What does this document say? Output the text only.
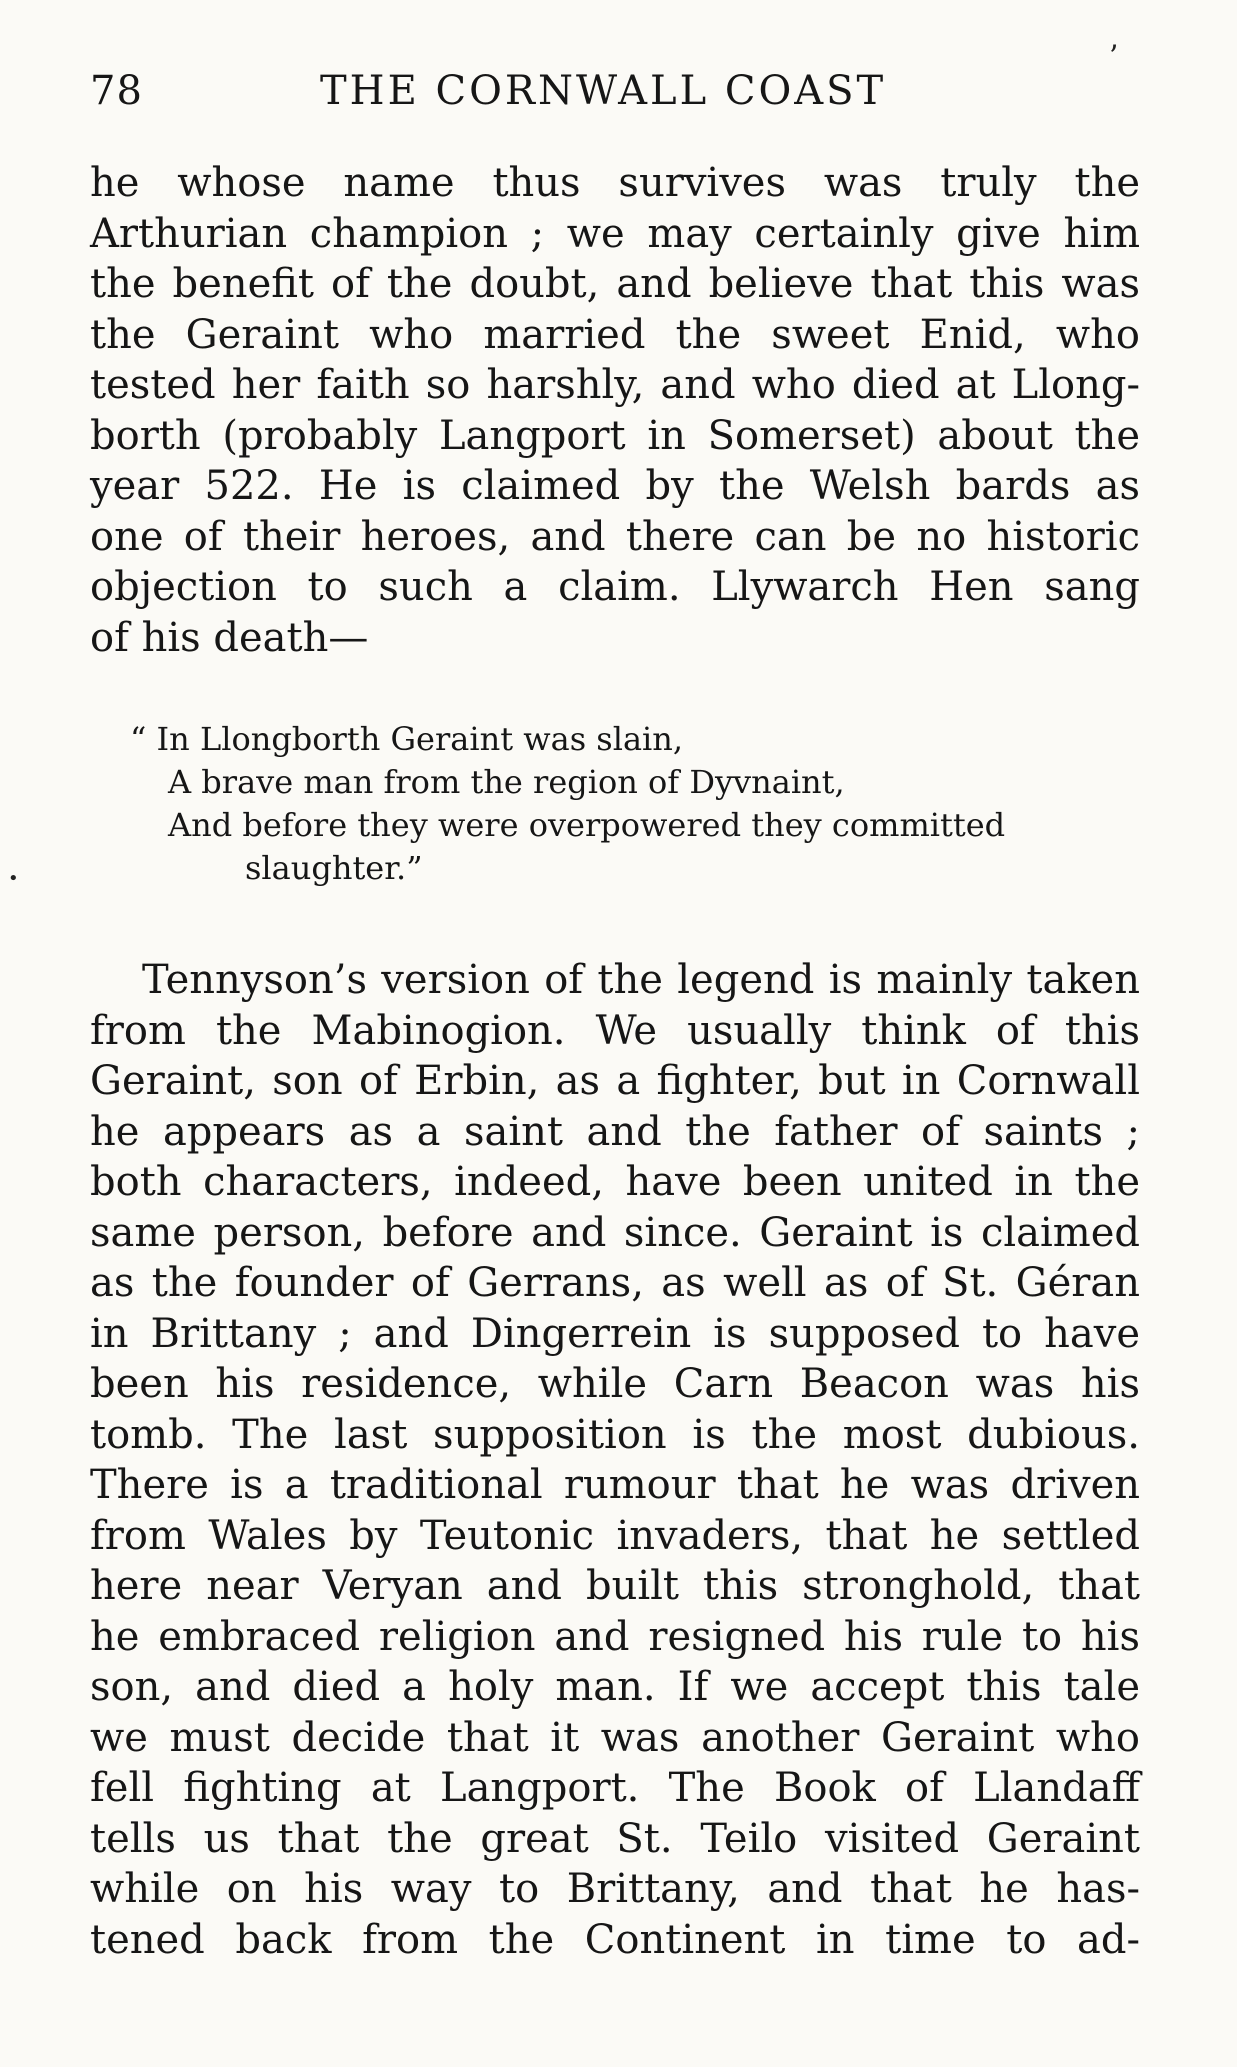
78	THE CORNWALL COAST
ʼ
•
he whose name thus survives was truly the
Arthurian champion ; we may certainly give him
the benefit of the doubt, and believe that this was
the Geraint who married the sweet Enid, who
tested her faith so harshly, and who died at Llong-
borth (probably Langport in Somerset) about the
year 522. He is claimed by the Welsh bards as
one of their heroes, and there can be no historic
objection to such a claim. Llywarch Hen sang
of his death—
“ In Llongborth Geraint was slain,
A brave man from the region of Dyvnaint,
And before they were overpowered they committed
slaughter.”
Tennyson’s version of the legend is mainly taken
from the Mabinogion. We usually think of this
Geraint, son of Erbin, as a fighter, but in Cornwall
he appears as a saint and the father of saints ;
both characters, indeed, have been united in the
same person, before and since. Geraint is claimed
as the founder of Gerrans, as well as of St. Géran
in Brittany ; and Dingerrein is supposed to have
been his residence, while Carn Beacon was his
tomb. The last supposition is the most dubious.
There is a traditional rumour that he was driven
from Wales by Teutonic invaders, that he settled
here near Veryan and built this stronghold, that
he embraced religion and resigned his rule to his
son, and died a holy man. If we accept this tale
we must decide that it was another Geraint who
fell fighting at Langport. The Book of Llandaff
tells us that the great St. Teilo visited Geraint
while on his way to Brittany, and that he has-
tened back from the Continent in time to ad-
